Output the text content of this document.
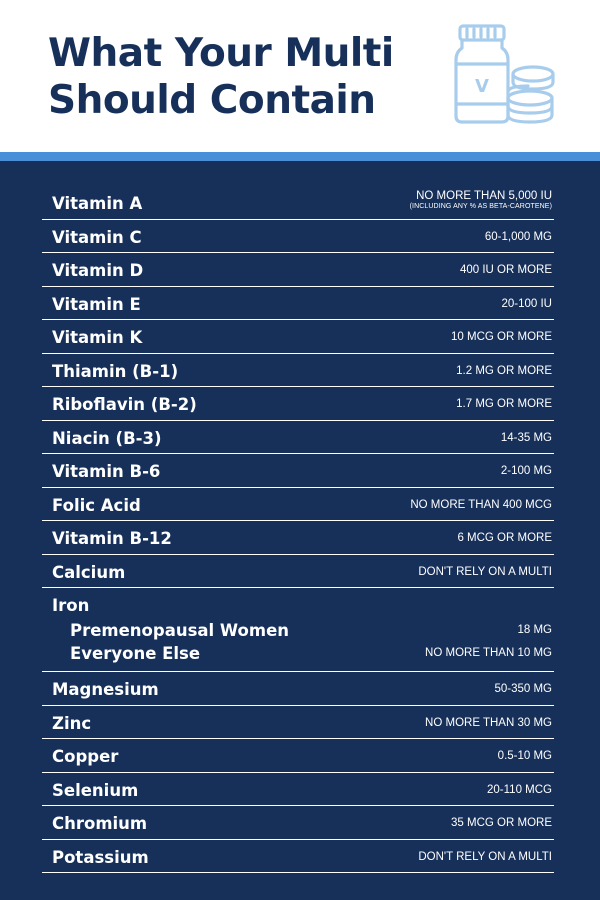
What Your Multi
Should Contain	V
Vitamin A	NO MORE THAN 5,000 IU
(INCLUDING ANY % AS BETA-CAROTENE)
Vitamin C	60-1,000 MG
Vitamin D	400 IU OR MORE
Vitamin E	20-100 IU
Vitamin K	10 MCG OR MORE
Thiamin (B-1)	1.2 MG OR MORE
Riboflavin (B-2)	1.7 MG OR MORE
Niacin (B-3)	14-35 MG
Vitamin B-6	2-100 MG
Folic Acid	NO MORE THAN 400 MCG
Vitamin B-12	6 MCG OR MORE
Calcium	DON'T RELY ON A MULTI
Iron
Premenopausal Women	18 MG
Everyone Else	NO MORE THAN 10 MG
Magnesium	50-350 MG
Zinc	NO MORE THAN 30 MG
Copper	0.5-10 MG
Selenium	20-110 MCG
Chromium	35 MCG OR MORE
Potassium	DON'T RELY ON A MULTI
